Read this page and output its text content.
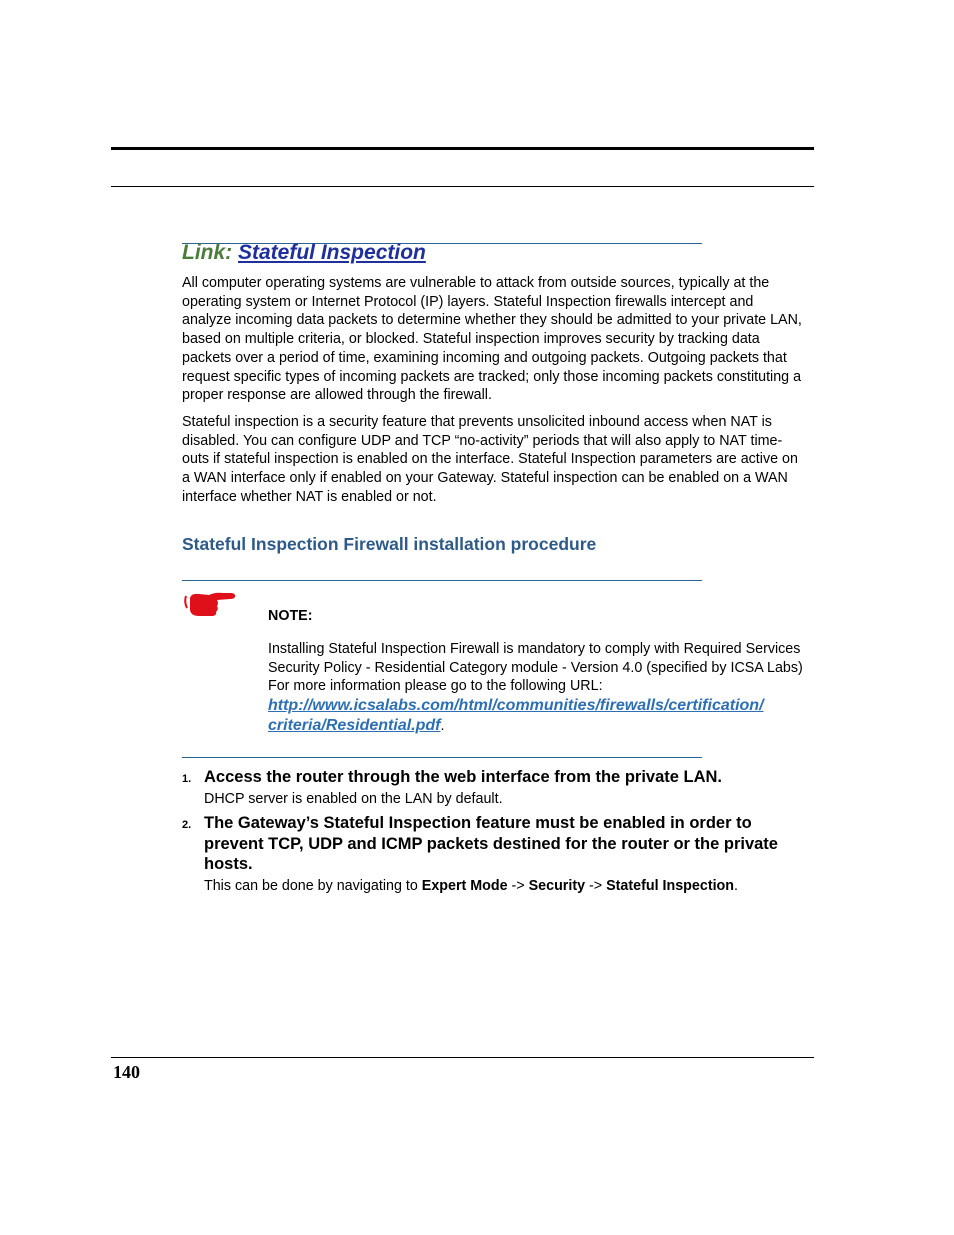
Link: Stateful Inspection
All computer operating systems are vulnerable to attack from outside sources, typically at the operating system or Internet Protocol (IP) layers. Stateful Inspection firewalls intercept and analyze incoming data packets to determine whether they should be admitted to your private LAN, based on multiple criteria, or blocked. Stateful inspection improves security by tracking data packets over a period of time, examining incoming and outgoing packets. Outgoing packets that request specific types of incoming packets are tracked; only those incoming packets constituting a proper response are allowed through the firewall.
Stateful inspection is a security feature that prevents unsolicited inbound access when NAT is disabled. You can configure UDP and TCP “no-activity” periods that will also apply to NAT time-outs if stateful inspection is enabled on the interface. Stateful Inspection parameters are active on a WAN interface only if enabled on your Gateway. Stateful inspection can be enabled on a WAN interface whether NAT is enabled or not.
Stateful Inspection Firewall installation procedure
NOTE:
Installing Stateful Inspection Firewall is mandatory to comply with Required Services Security Policy - Residential Category module - Version 4.0 (specified by ICSA Labs)
For more information please go to the following URL:
http://www.icsalabs.com/html/communities/firewalls/certification/
criteria/Residential.pdf.
1. Access the router through the web interface from the private LAN.
DHCP server is enabled on the LAN by default.
2. The Gateway’s Stateful Inspection feature must be enabled in order to prevent TCP, UDP and ICMP packets destined for the router or the private hosts.
This can be done by navigating to Expert Mode -> Security -> Stateful Inspection.
140
